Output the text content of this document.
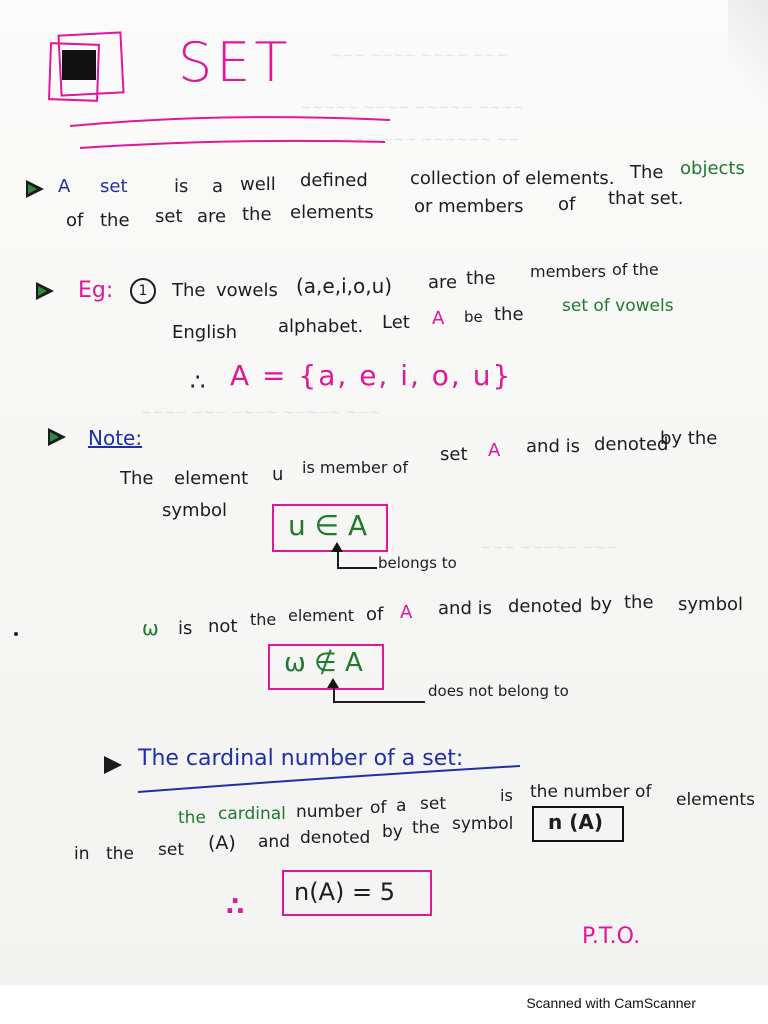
~~~ ~~~~ ~~~~ ~~~
~~~~~ ~~~~ ~~~~~ ~~~~
~~~~ ~~~ ~~~~~~ ~~
~~~~ ~~~ ~~~~ ~~~~~ ~~~
~~~ ~~~~~ ~~~
SET
A set	is a well defined collection of elements. The objects
of the set are the elements or members of that set.
Eg:	1	The vowels (a,e,i,o,u) are the members of the
English alphabet. Let A be the set of vowels
∴ A = {a, e, i, o, u}
Note:
The element u is member of
set A and is denoted
by the
symbol u ∈ A
belongs to
ω is not the element of A and is denoted by the symbol
ω ∉ A
does not belong to
The cardinal number of a set:
the cardinal number of a set	is the number of elements
in the set (A) and denoted by the symbol n (A)
∴ n(A) = 5
P.T.O.
Scanned with CamScanner
